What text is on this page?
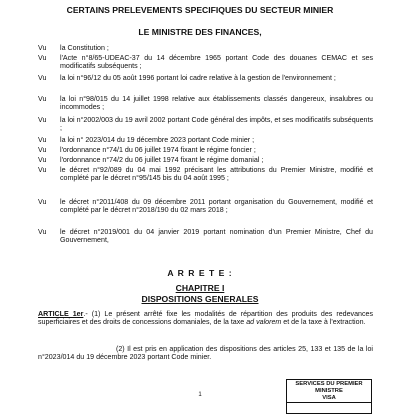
CERTAINS PRELEVEMENTS SPECIFIQUES DU SECTEUR MINIER
LE MINISTRE DES FINANCES,
Vu	la Constitution ;
Vu	l'Acte n°8/65-UDEAC-37 du 14 décembre 1965 portant Code des douanes CEMAC et ses modificatifs subséquents ;
Vu	la loi n°96/12 du 05 août 1996 portant loi cadre relative à la gestion de l'environnement ;
Vu	la loi n°98/015 du 14 juillet 1998 relative aux établissements classés dangereux, insalubres ou incommodes ;
Vu	la loi n°2002/003 du 19 avril 2002 portant Code général des impôts, et ses modificatifs subséquents ;
Vu	la loi n° 2023/014 du 19 décembre 2023 portant Code minier ;
Vu	l'ordonnance n°74/1 du 06 juillet 1974 fixant le régime foncier ;
Vu	l'ordonnance n°74/2 du 06 juillet 1974 fixant le régime domanial ;
Vu	le décret n°92/089 du 04 mai 1992 précisant les attributions du Premier Ministre, modifié et complété par le décret n°95/145 bis du 04 août 1995 ;
Vu	le décret n°2011/408 du 09 décembre 2011 portant organisation du Gouvernement, modifié et complété par le décret n°2018/190 du 02 mars 2018 ;
Vu	le décret n°2019/001 du 04 janvier 2019 portant nomination d'un Premier Ministre, Chef du Gouvernement,
A R R E T E :
CHAPITRE I
DISPOSITIONS GENERALES
ARTICLE 1er.- (1) Le présent arrêté fixe les modalités de répartition des produits des redevances superficiaires et des droits de concessions domaniales, de la taxe ad valorem et de la taxe à l'extraction.
(2) Il est pris en application des dispositions des articles 25, 133 et 135 de la loi n°2023/014 du 19 décembre 2023 portant Code minier.
SERVICES DU PREMIER MINISTRE
VISA
1
